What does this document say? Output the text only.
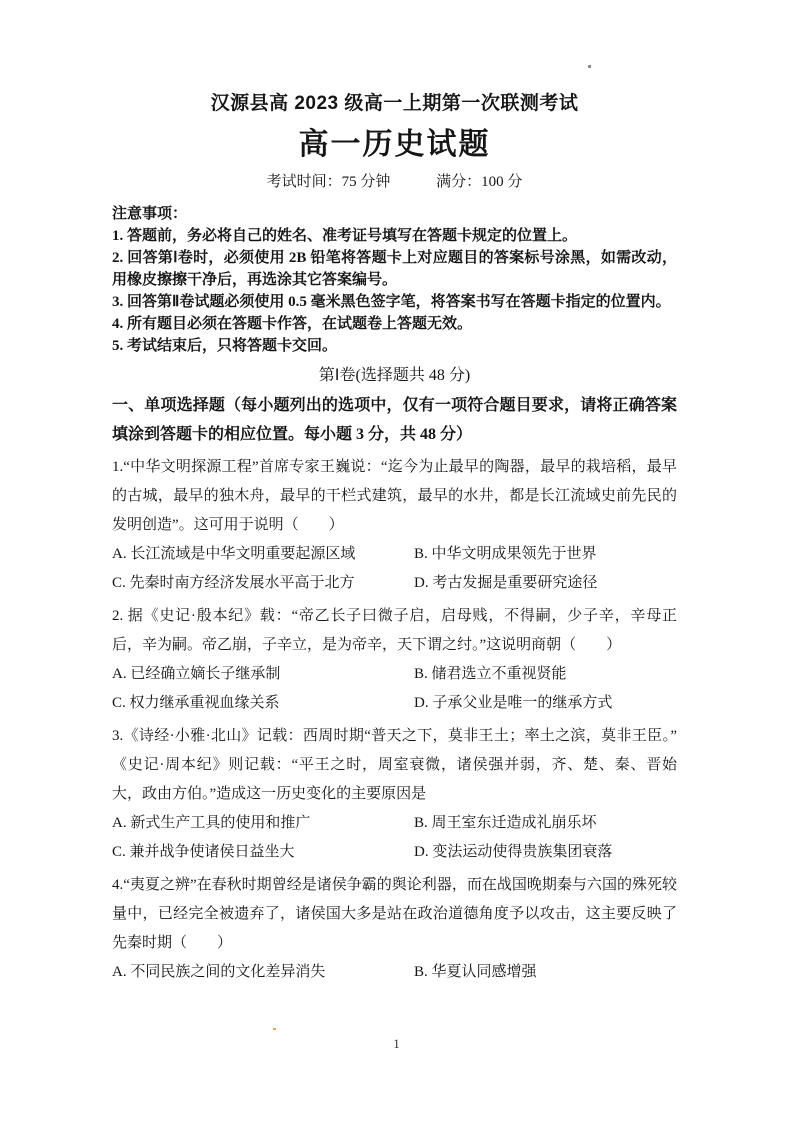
汉源县高 2023 级高一上期第一次联测考试
高一历史试题
考试时间：75 分钟	满分：100 分

注意事项：

1. 答题前，务必将自己的姓名、准考证号填写在答题卡规定的位置上。

2. 回答第Ⅰ卷时，必须使用 2B 铅笔将答题卡上对应题目的答案标号涂黑，如需改动，用橡皮擦擦干净后，再选涂其它答案编号。

3. 回答第Ⅱ卷试题必须使用 0.5 毫米黑色签字笔，将答案书写在答题卡指定的位置内。

4. 所有题目必须在答题卡作答，在试题卷上答题无效。

5. 考试结束后，只将答题卡交回。

第Ⅰ卷(选择题共 48 分)
一、单项选择题（每小题列出的选项中，仅有一项符合题目要求，请将正确答案填涂到答题卡的相应位置。每小题 3 分，共 48 分）

1.“中华文明探源工程”首席专家王巍说：“迄今为止最早的陶器，最早的栽培稻，最早的古城，最早的独木舟，最早的干栏式建筑，最早的水井，都是长江流域史前先民的发明创造”。这可用于说明（　　）

A. 长江流域是中华文明重要起源区域	B. 中华文明成果领先于世界
C. 先秦时南方经济发展水平高于北方	D. 考古发掘是重要研究途径

2. 据《史记·殷本纪》载：“帝乙长子曰微子启，启母贱，不得嗣，少子辛，辛母正后，辛为嗣。帝乙崩，子辛立，是为帝辛，天下谓之纣。”这说明商朝（　　）

A. 已经确立嫡长子继承制	B. 储君选立不重视贤能
C. 权力继承重视血缘关系	D. 子承父业是唯一的继承方式

3.《诗经·小雅·北山》记载：西周时期“普天之下，莫非王土；率土之滨，莫非王臣。”《史记·周本纪》则记载：“平王之时，周室衰微，诸侯强并弱，齐、楚、秦、晋始大，政由方伯。”造成这一历史变化的主要原因是

A. 新式生产工具的使用和推广	B. 周王室东迁造成礼崩乐坏
C. 兼并战争使诸侯日益坐大	D. 变法运动使得贵族集团衰落

4.“夷夏之辨”在春秋时期曾经是诸侯争霸的舆论利器，而在战国晚期秦与六国的殊死较量中，已经完全被遗弃了，诸侯国大多是站在政治道德角度予以攻击，这主要反映了先秦时期（　　）

A. 不同民族之间的文化差异消失	B. 华夏认同感增强
1
